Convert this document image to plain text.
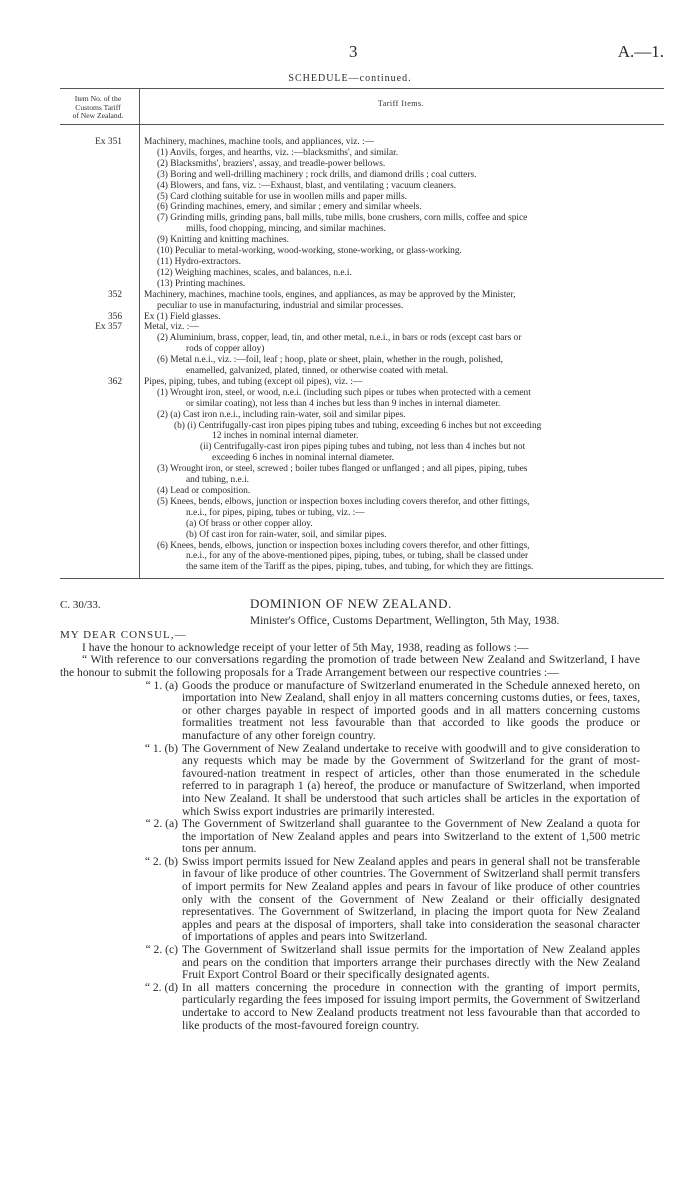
3	A.—1.
SCHEDULE—continued.
Item No. of the
Customs Tariff
of New Zealand.
Tariff Items.
Ex 351	Machinery, machines, machine tools, and appliances, viz. :—
(1) Anvils, forges, and hearths, viz. :—blacksmiths', and similar.
(2) Blacksmiths', braziers', assay, and treadle-power bellows.
(3) Boring and well-drilling machinery ; rock drills, and diamond drills ; coal cutters.
(4) Blowers, and fans, viz. :—Exhaust, blast, and ventilating ; vacuum cleaners.
(5) Card clothing suitable for use in woollen mills and paper mills.
(6) Grinding machines, emery, and similar ; emery and similar wheels.
(7) Grinding mills, grinding pans, ball mills, tube mills, bone crushers, corn mills, coffee and spice
mills, food chopping, mincing, and similar machines.
(9) Knitting and knitting machines.
(10) Peculiar to metal-working, wood-working, stone-working, or glass-working.
(11) Hydro-extractors.
(12) Weighing machines, scales, and balances, n.e.i.
(13) Printing machines.
352	Machinery, machines, machine tools, engines, and appliances, as may be approved by the Minister,
peculiar to use in manufacturing, industrial and similar processes.
356	Ex (1) Field glasses.
Ex 357	Metal, viz. :—
(2) Aluminium, brass, copper, lead, tin, and other metal, n.e.i., in bars or rods (except cast bars or
rods of copper alloy)
(6) Metal n.e.i., viz. :—foil, leaf ; hoop, plate or sheet, plain, whether in the rough, polished,
enamelled, galvanized, plated, tinned, or otherwise coated with metal.
362	Pipes, piping, tubes, and tubing (except oil pipes), viz. :—
(1) Wrought iron, steel, or wood, n.e.i. (including such pipes or tubes when protected with a cement
or similar coating), not less than 4 inches but less than 9 inches in internal diameter.
(2) (a) Cast iron n.e.i., including rain-water, soil and similar pipes.
(b) (i) Centrifugally-cast iron pipes piping tubes and tubing, exceeding 6 inches but not exceeding
12 inches in nominal internal diameter.
(ii) Centrifugally-cast iron pipes piping tubes and tubing, not less than 4 inches but not
exceeding 6 inches in nominal internal diameter.
(3) Wrought iron, or steel, screwed ; boiler tubes flanged or unflanged ; and all pipes, piping, tubes
and tubing, n.e.i.
(4) Lead or composition.
(5) Knees, bends, elbows, junction or inspection boxes including covers therefor, and other fittings,
n.e.i., for pipes, piping, tubes or tubing, viz. :—
(a) Of brass or other copper alloy.
(b) Of cast iron for rain-water, soil, and similar pipes.
(6) Knees, bends, elbows, junction or inspection boxes including covers therefor, and other fittings,
n.e.i., for any of the above-mentioned pipes, piping, tubes, or tubing, shall be classed under
the same item of the Tariff as the pipes, piping, tubes, and tubing, for which they are fittings.
C. 30/33.	DOMINION OF NEW ZEALAND.
Minister's Office, Customs Department, Wellington, 5th May, 1938.
MY DEAR CONSUL,—
I have the honour to acknowledge receipt of your letter of 5th May, 1938, reading as follows :—
“ With reference to our conversations regarding the promotion of trade between New Zealand and Switzerland, I have the honour to submit the following proposals for a Trade Arrangement between our respective countries :—
“ 1. (a) Goods the produce or manufacture of Switzerland enumerated in the Schedule annexed hereto, on importation into New Zealand, shall enjoy in all matters concerning customs duties, or fees, taxes, or other charges payable in respect of imported goods and in all matters concerning customs formalities treatment not less favourable than that accorded to like goods the produce or manufacture of any other foreign country.
“ 1. (b) The Government of New Zealand undertake to receive with goodwill and to give consideration to any requests which may be made by the Government of Switzerland for the grant of most-favoured-nation treatment in respect of articles, other than those enumerated in the schedule referred to in paragraph 1 (a) hereof, the produce or manufacture of Switzerland, when imported into New Zealand. It shall be understood that such articles shall be articles in the exportation of which Swiss export industries are primarily interested.
“ 2. (a) The Government of Switzerland shall guarantee to the Government of New Zealand a quota for the importation of New Zealand apples and pears into Switzerland to the extent of 1,500 metric tons per annum.
“ 2. (b) Swiss import permits issued for New Zealand apples and pears in general shall not be transferable in favour of like produce of other countries. The Government of Switzerland shall permit transfers of import permits for New Zealand apples and pears in favour of like produce of other countries only with the consent of the Government of New Zealand or their officially designated representatives. The Government of Switzerland, in placing the import quota for New Zealand apples and pears at the disposal of importers, shall take into consideration the seasonal character of importations of apples and pears into Switzerland.
“ 2. (c) The Government of Switzerland shall issue permits for the importation of New Zealand apples and pears on the condition that importers arrange their purchases directly with the New Zealand Fruit Export Control Board or their specifically designated agents.
“ 2. (d) In all matters concerning the procedure in connection with the granting of import permits, particularly regarding the fees imposed for issuing import permits, the Government of Switzerland undertake to accord to New Zealand products treatment not less favourable than that accorded to like products of the most-favoured foreign country.
